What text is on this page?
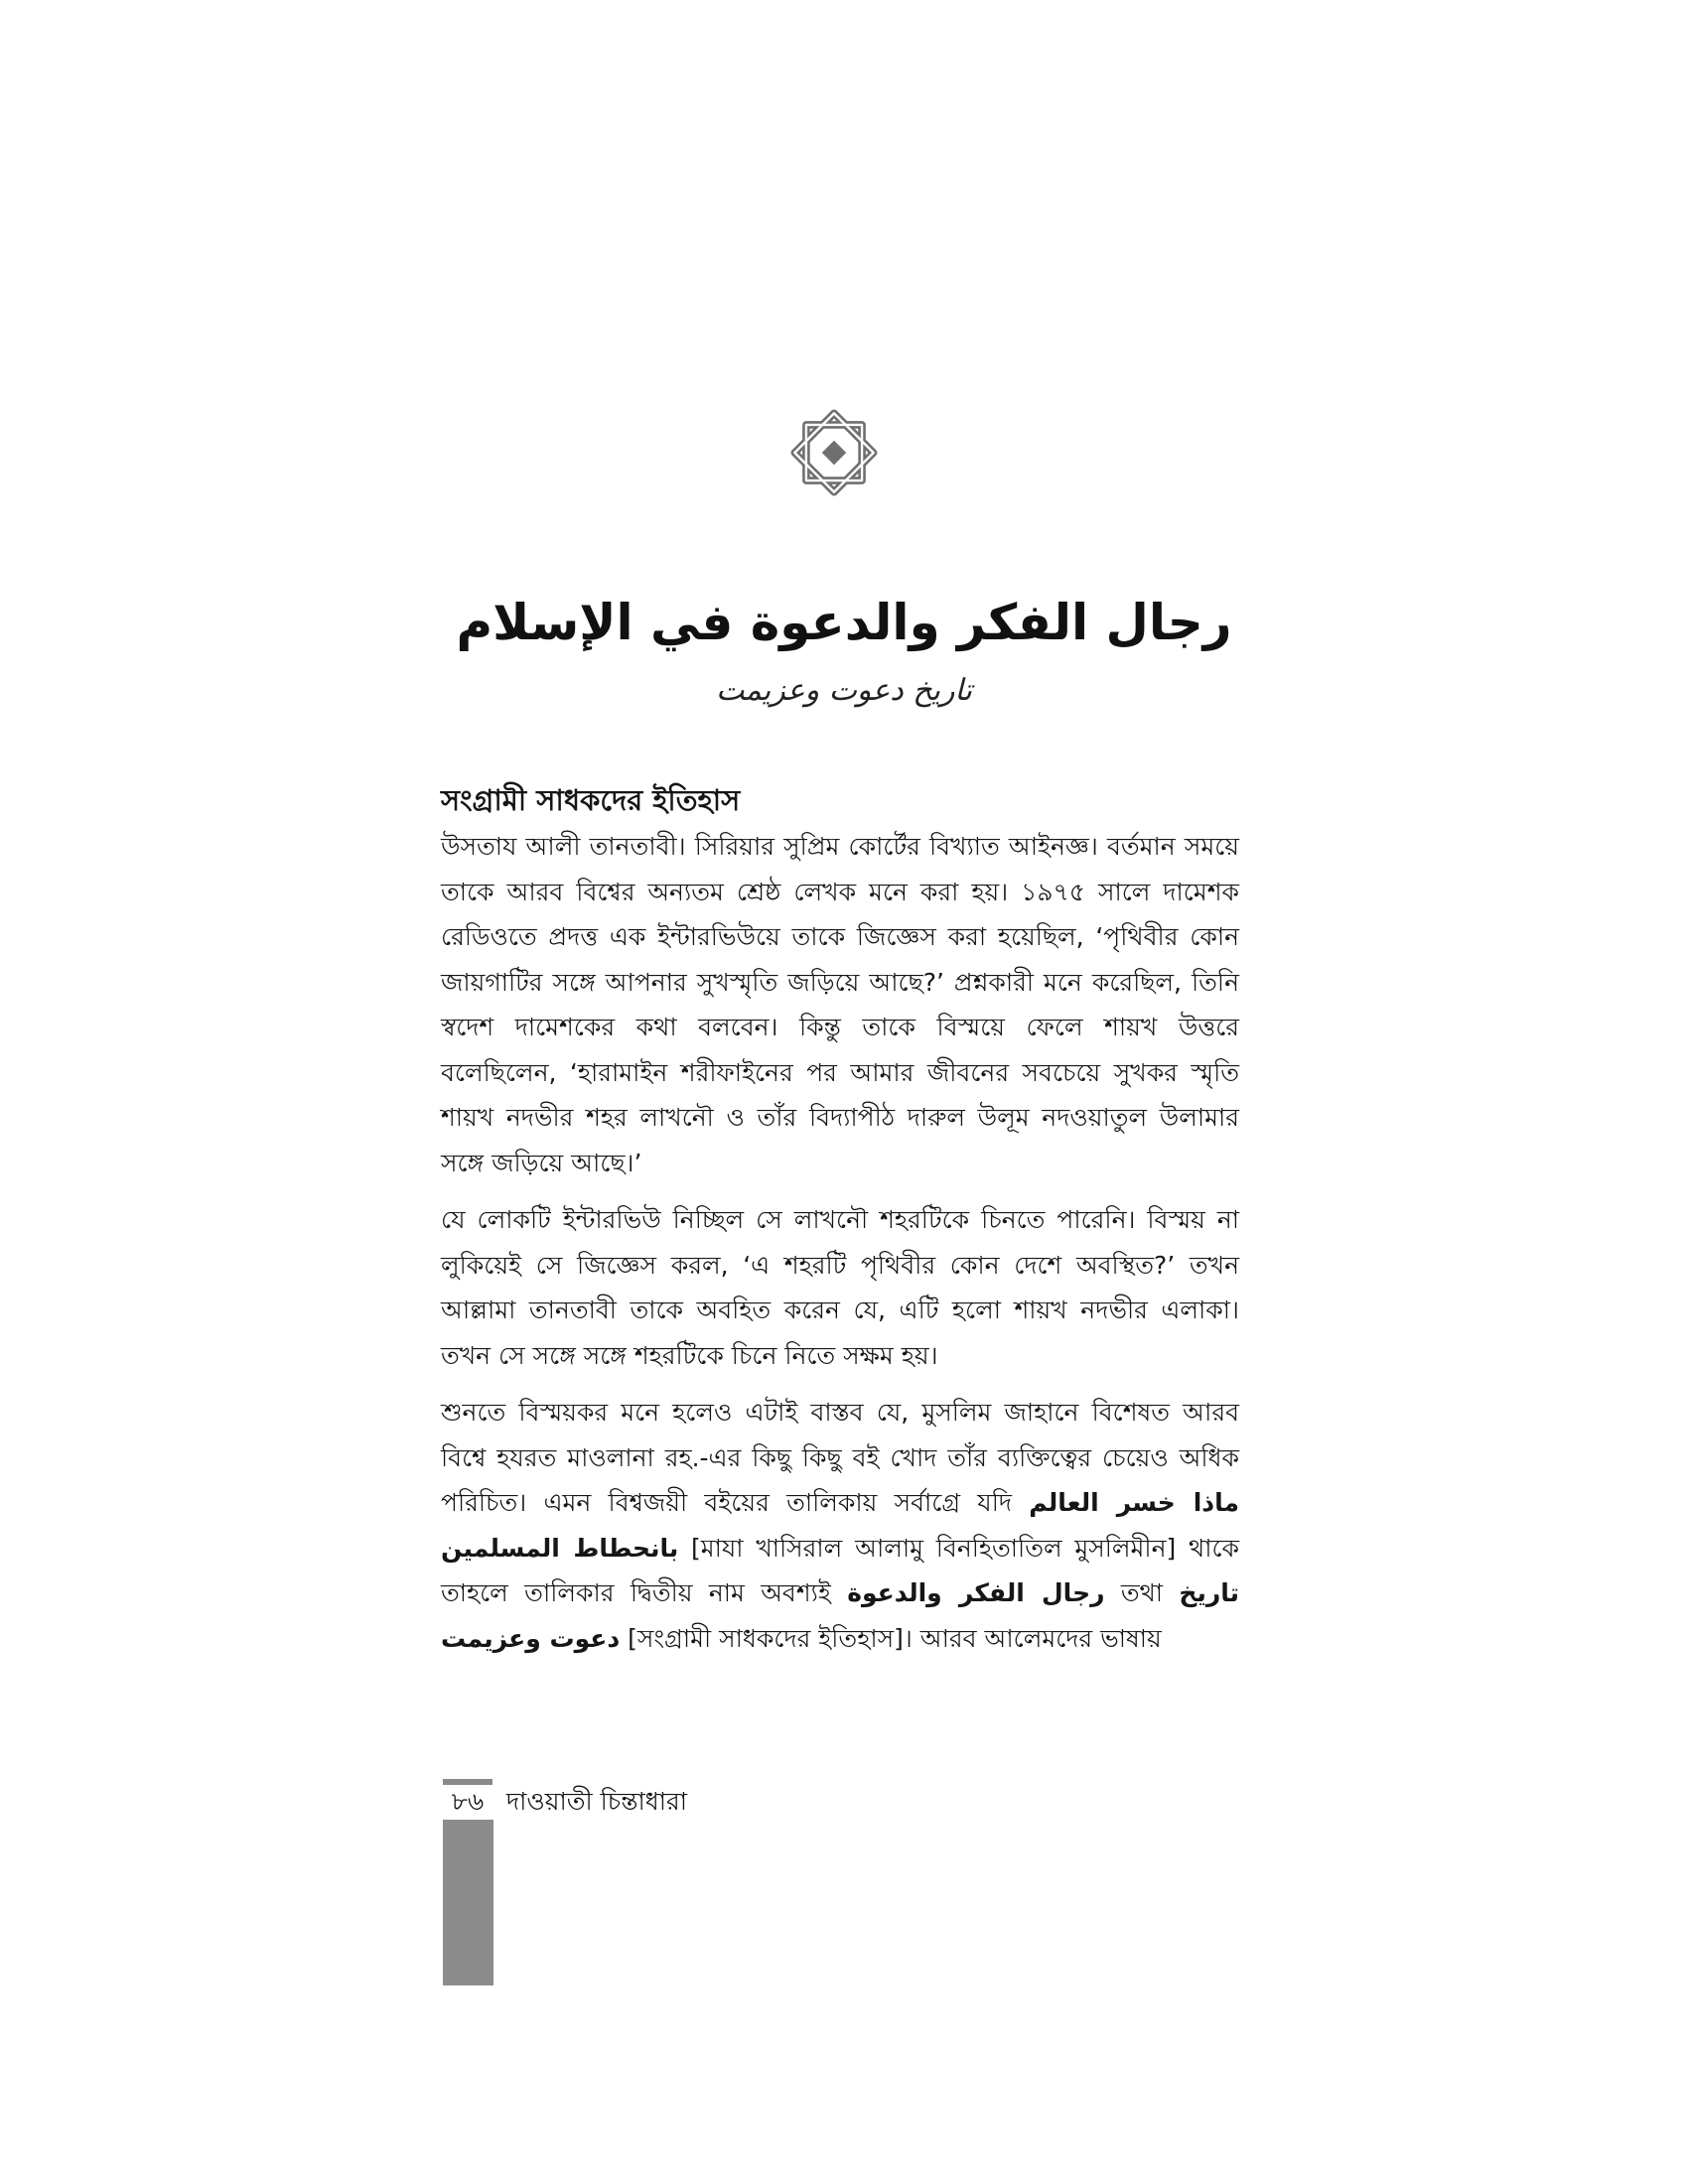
رجال الفكر والدعوة في الإسلام
تاریخ دعوت وعزیمت
সংগ্রামী সাধকদের ইতিহাস

উসতায আলী তানতাবী। সিরিয়ার সুপ্রিম কোর্টের বিখ্যাত আইনজ্ঞ। বর্তমান সময়ে তাকে আরব বিশ্বের অন্যতম শ্রেষ্ঠ লেখক মনে করা হয়। ১৯৭৫ সালে দামেশক রেডিওতে প্রদত্ত এক ইন্টারভিউয়ে তাকে জিজ্ঞেস করা হয়েছিল, ‘পৃথিবীর কোন জায়গাটির সঙ্গে আপনার সুখস্মৃতি জড়িয়ে আছে?’ প্রশ্নকারী মনে করেছিল, তিনি স্বদেশ দামেশকের কথা বলবেন। কিন্তু তাকে বিস্ময়ে ফেলে শায়খ উত্তরে বলেছিলেন, ‘হারামাইন শরীফাইনের পর আমার জীবনের সবচেয়ে সুখকর স্মৃতি শায়খ নদভীর শহর লাখনৌ ও তাঁর বিদ্যাপীঠ দারুল উলূম নদওয়াতুল উলামার সঙ্গে জড়িয়ে আছে।’

যে লোকটি ইন্টারভিউ নিচ্ছিল সে লাখনৌ শহরটিকে চিনতে পারেনি। বিস্ময় না লুকিয়েই সে জিজ্ঞেস করল, ‘এ শহরটি পৃথিবীর কোন দেশে অবস্থিত?’ তখন আল্লামা তানতাবী তাকে অবহিত করেন যে, এটি হলো শায়খ নদভীর এলাকা। তখন সে সঙ্গে সঙ্গে শহরটিকে চিনে নিতে সক্ষম হয়।

শুনতে বিস্ময়কর মনে হলেও এটাই বাস্তব যে, মুসলিম জাহানে বিশেষত আরব বিশ্বে হযরত মাওলানা রহ.-এর কিছু কিছু বই খোদ তাঁর ব্যক্তিত্বের চেয়েও অধিক পরিচিত। এমন বিশ্বজয়ী বইয়ের তালিকায় সর্বাগ্রে যদি ماذا خسر العالم بانحطاط المسلمين [মাযা খাসিরাল আলামু বিনহিতাতিল মুসলিমীন] থাকে তাহলে তালিকার দ্বিতীয় নাম অবশ্যই رجال الفكر والدعوة তথা تاریخ دعوت وعزیمت [সংগ্রামী সাধকদের ইতিহাস]। আরব আলেমদের ভাষায়

৮৬ দাওয়াতী চিন্তাধারা
